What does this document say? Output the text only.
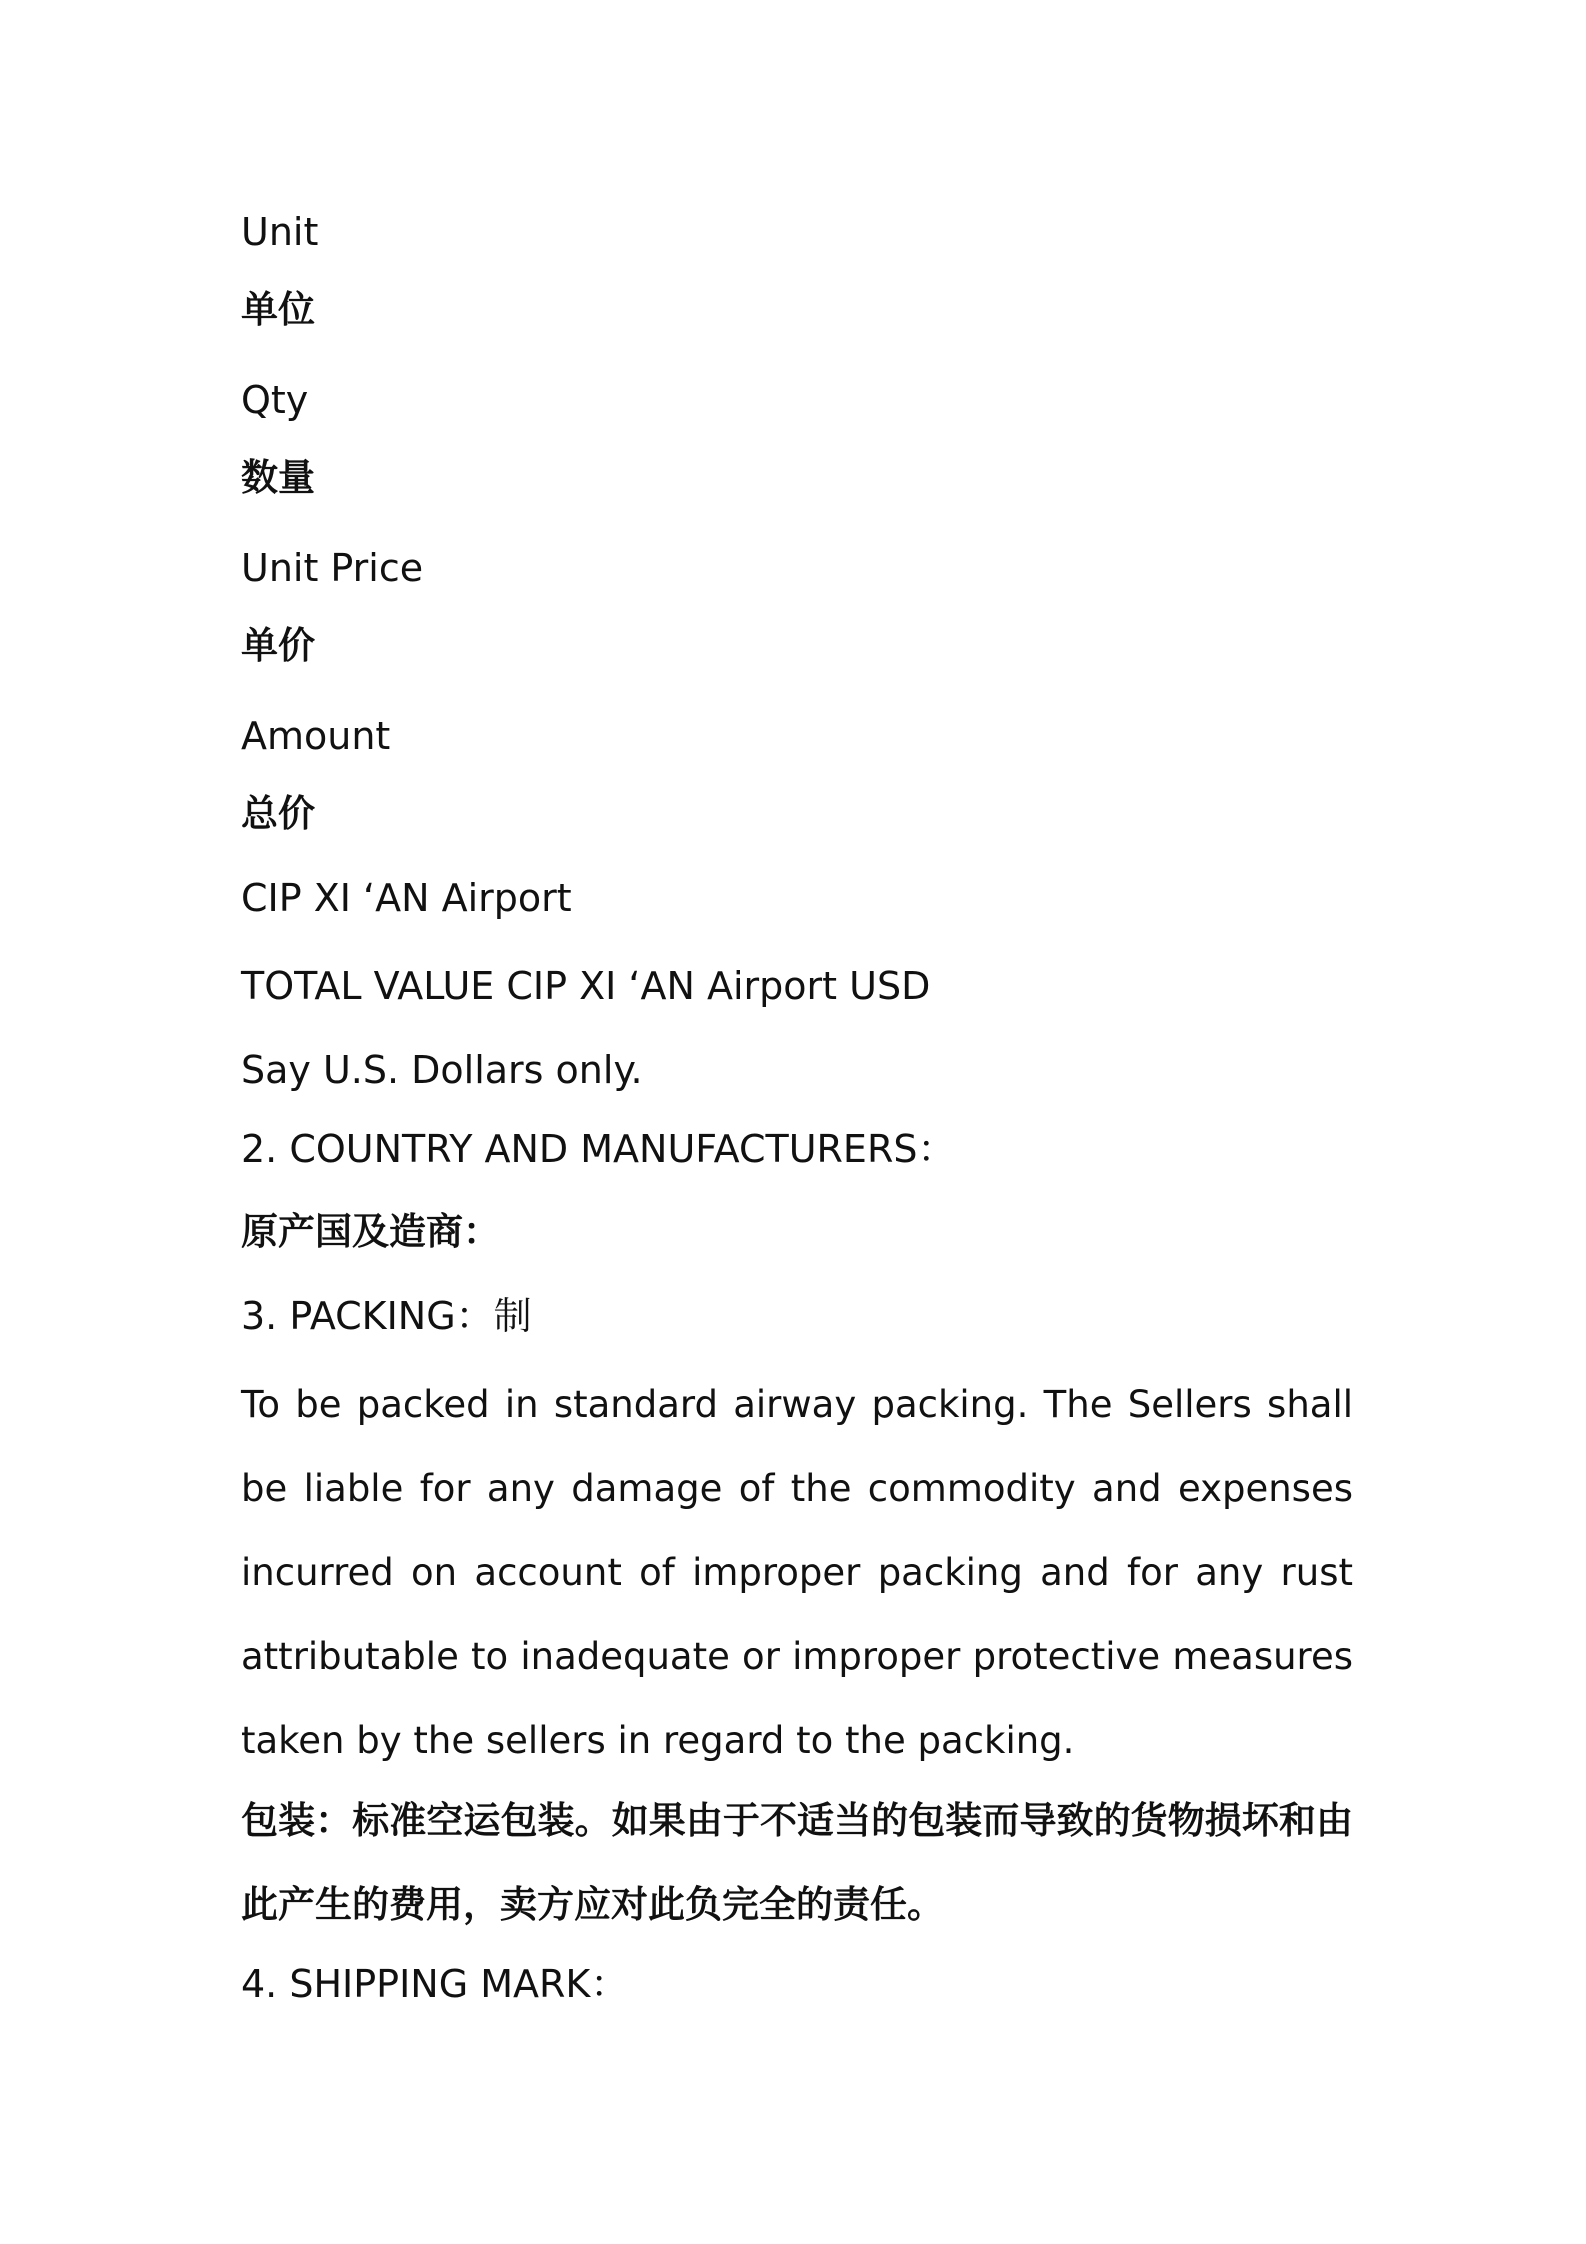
Unit

单位

Qty

数量

Unit Price

单价

Amount

总价

CIP XI ‘AN Airport

TOTAL VALUE CIP XI ‘AN Airport USD

Say U.S. Dollars only.

2. COUNTRY AND MANUFACTURERS：

原产国及造商：

3. PACKING：制

To be packed in standard airway packing. The Sellers shall be liable for any damage of the commodity and expenses incurred on account of improper packing and for any rust attributable to inadequate or improper protective measures taken by the sellers in regard to the packing.

包装：标准空运包装。如果由于不适当的包装而导致的货物损坏和由此产生的费用，卖方应对此负完全的责任。

4. SHIPPING MARK：
